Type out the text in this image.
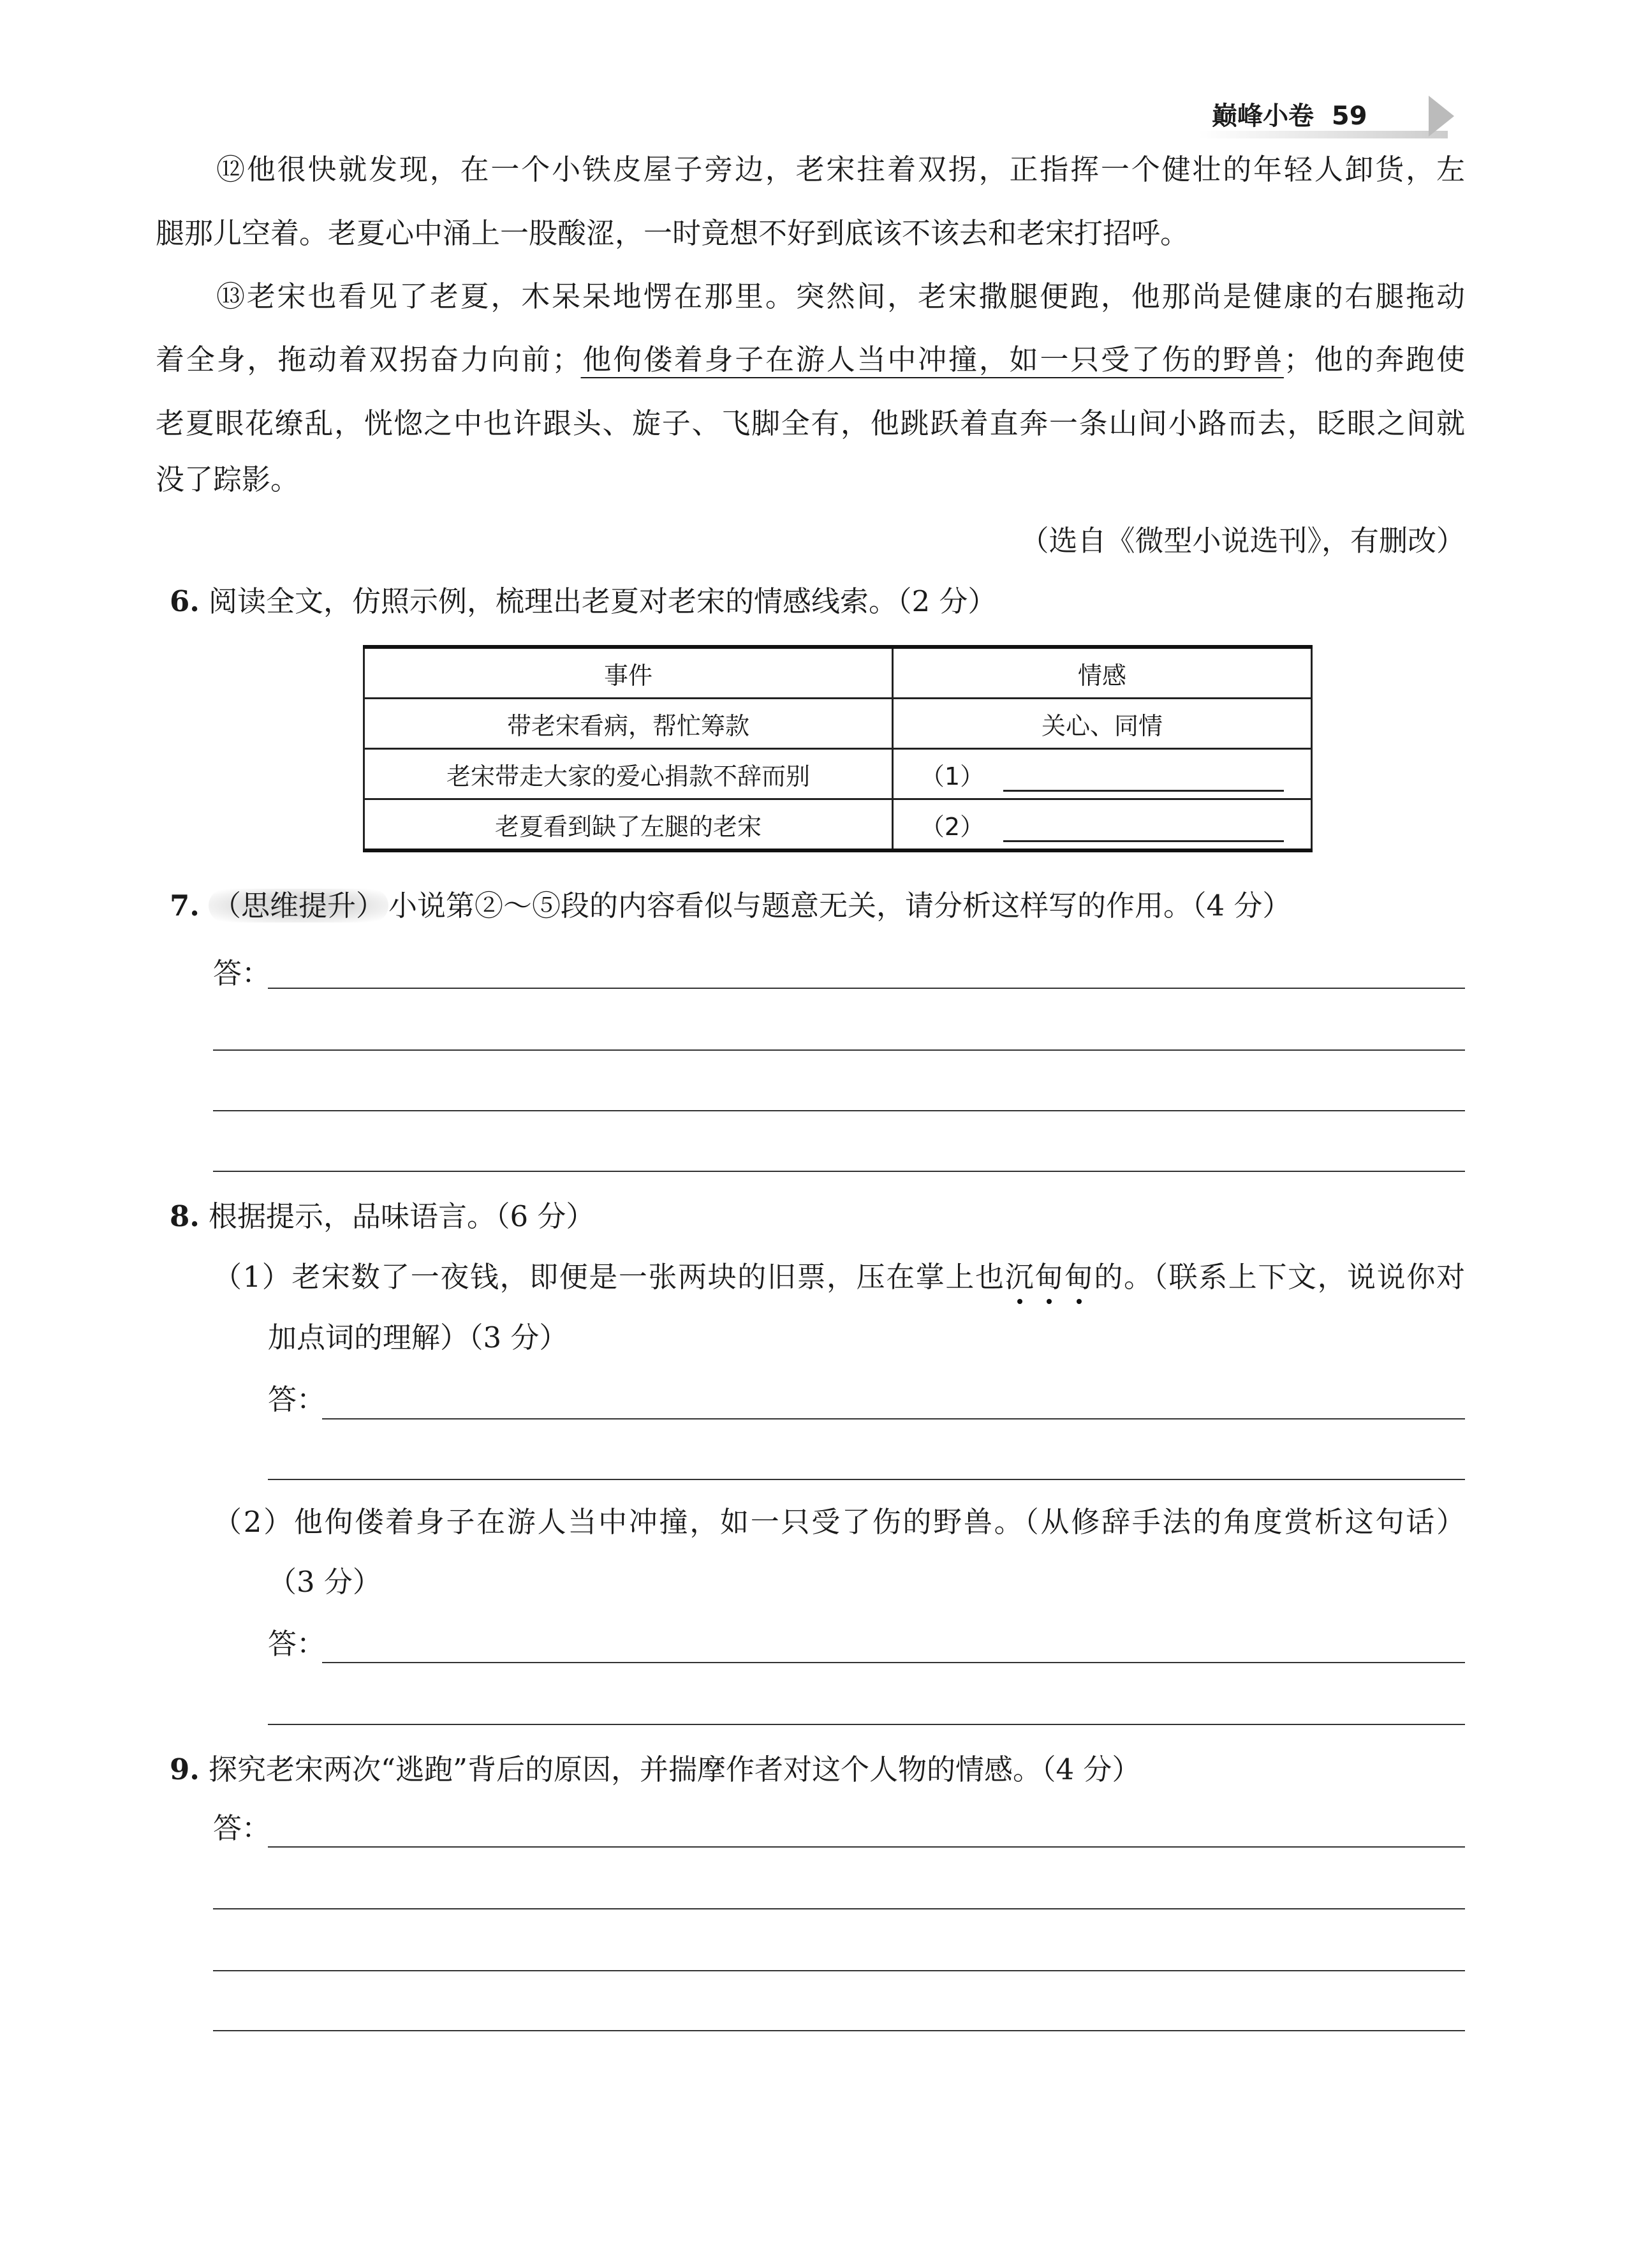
巅峰小卷 59
⑫他很快就发现，在一个小铁皮屋子旁边，老宋拄着双拐，正指挥一个健壮的年轻人卸货，左
腿那儿空着。老夏心中涌上一股酸涩，一时竟想不好到底该不该去和老宋打招呼。
⑬老宋也看见了老夏，木呆呆地愣在那里。突然间，老宋撒腿便跑，他那尚是健康的右腿拖动
着全身，拖动着双拐奋力向前；他佝偻着身子在游人当中冲撞，如一只受了伤的野兽；他的奔跑使
老夏眼花缭乱，恍惚之中也许跟头、旋子、飞脚全有，他跳跃着直奔一条山间小路而去，眨眼之间就
没了踪影。
（选自《微型小说选刊》，有删改）
6. 阅读全文，仿照示例，梳理出老夏对老宋的情感线索。（2 分）
事件	情感
带老宋看病，帮忙筹款	关心、同情
老宋带走大家的爱心捐款不辞而别	（1）
老夏看到缺了左腿的老宋	（2）
7. （思维提升） 小说第②～⑤段的内容看似与题意无关，请分析这样写的作用。（4 分）
答：
8. 根据提示，品味语言。（6 分）
（1）老宋数了一夜钱，即便是一张两块的旧票，压在掌上也沉甸甸的。（联系上下文，说说你对
加点词的理解）（3 分）
答：
（2）他佝偻着身子在游人当中冲撞，如一只受了伤的野兽。（从修辞手法的角度赏析这句话）
（3 分）
答：
9. 探究老宋两次“逃跑”背后的原因，并揣摩作者对这个人物的情感。（4 分）
答：
